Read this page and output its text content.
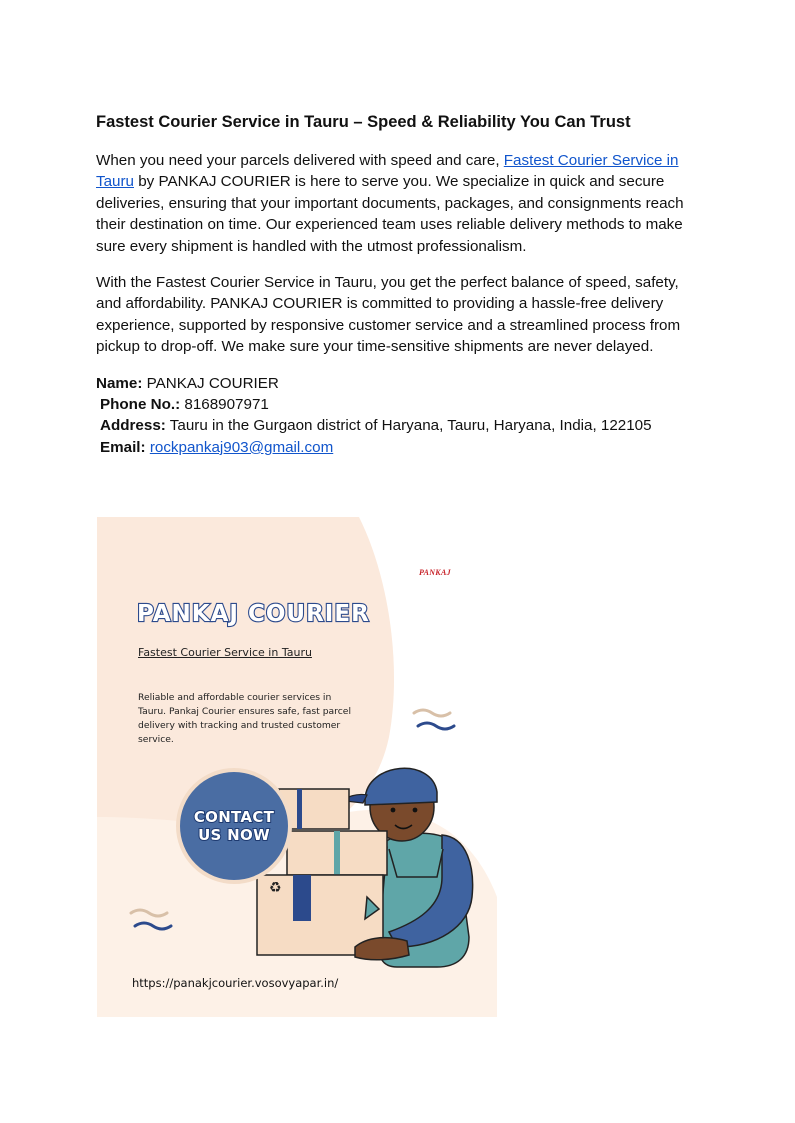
Fastest Courier Service in Tauru – Speed & Reliability You Can Trust

When you need your parcels delivered with speed and care, Fastest Courier Service in Tauru by PANKAJ COURIER is here to serve you. We specialize in quick and secure deliveries, ensuring that your important documents, packages, and consignments reach their destination on time. Our experienced team uses reliable delivery methods to make sure every shipment is handled with the utmost professionalism.

With the Fastest Courier Service in Tauru, you get the perfect balance of speed, safety, and affordability. PANKAJ COURIER is committed to providing a hassle-free delivery experience, supported by responsive customer service and a streamlined process from pickup to drop-off. We make sure your time-sensitive shipments are never delayed.

Name: PANKAJ COURIER
Phone No.: 8168907971
Address: Tauru in the Gurgaon district of Haryana, Tauru, Haryana, India, 122105
Email: rockpankaj903@gmail.com
♻
PANKAJ
PANKAJ COURIER
Fastest Courier Service in Tauru
Reliable and affordable courier services in Tauru. Pankaj Courier ensures safe, fast parcel delivery with tracking and trusted customer service.
CONTACT US NOW
https://panakjcourier.vosovyapar.in/
